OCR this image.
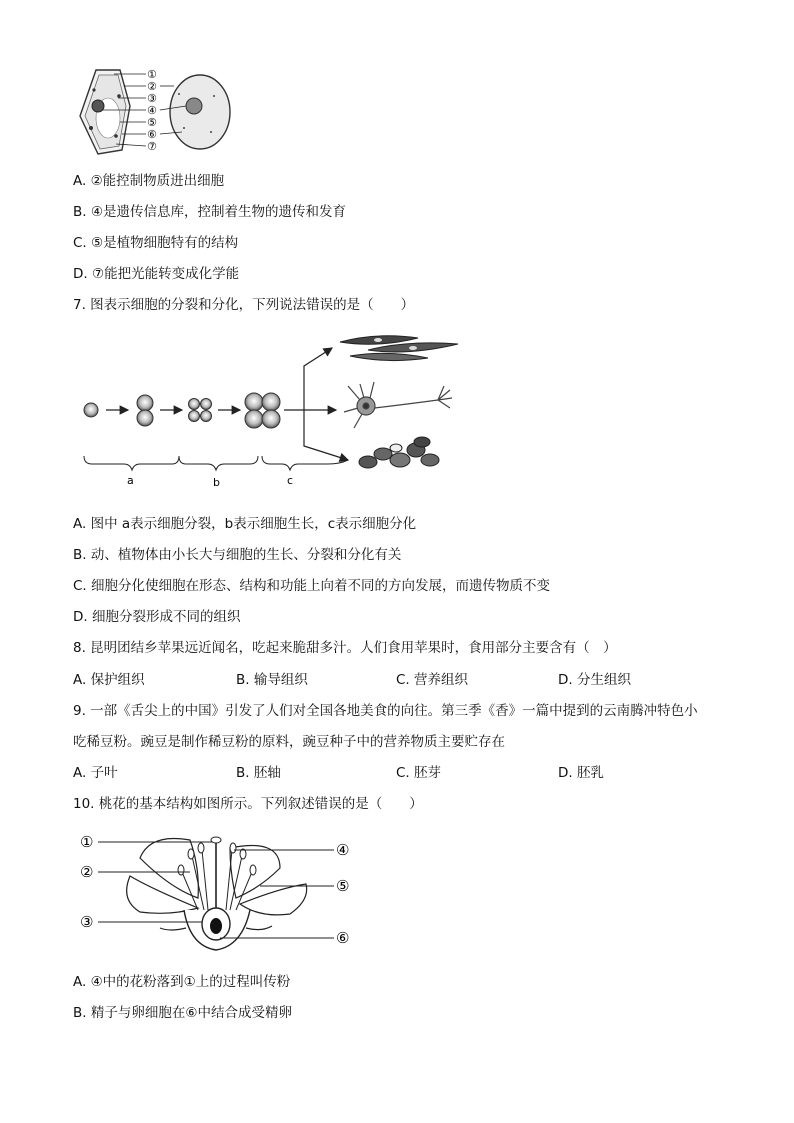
①
②
③
④
⑤
⑥
⑦
A. ②能控制物质进出细胞
B. ④是遗传信息库，控制着生物的遗传和发育
C. ⑤是植物细胞特有的结构
D. ⑦能把光能转变成化学能
7. 图表示细胞的分裂和分化，下列说法错误的是（　　）
a	b	c
A. 图中 a表示细胞分裂，b表示细胞生长，c表示细胞分化
B. 动、植物体由小长大与细胞的生长、分裂和分化有关
C. 细胞分化使细胞在形态、结构和功能上向着不同的方向发展，而遗传物质不变
D. 细胞分裂形成不同的组织
8. 昆明团结乡苹果远近闻名，吃起来脆甜多汁。人们食用苹果时，食用部分主要含有（　）
A. 保护组织	B. 输导组织	C. 营养组织	D. 分生组织
9. 一部《舌尖上的中国》引发了人们对全国各地美食的向往。第三季《香》一篇中提到的云南腾冲特色小
吃稀豆粉。豌豆是制作稀豆粉的原料，豌豆种子中的营养物质主要贮存在
A. 子叶	B. 胚轴	C. 胚芽	D. 胚乳
10. 桃花的基本结构如图所示。下列叙述错误的是（　　）
①
②
③
④
⑤
⑥
A. ④中的花粉落到①上的过程叫传粉
B. 精子与卵细胞在⑥中结合成受精卵
